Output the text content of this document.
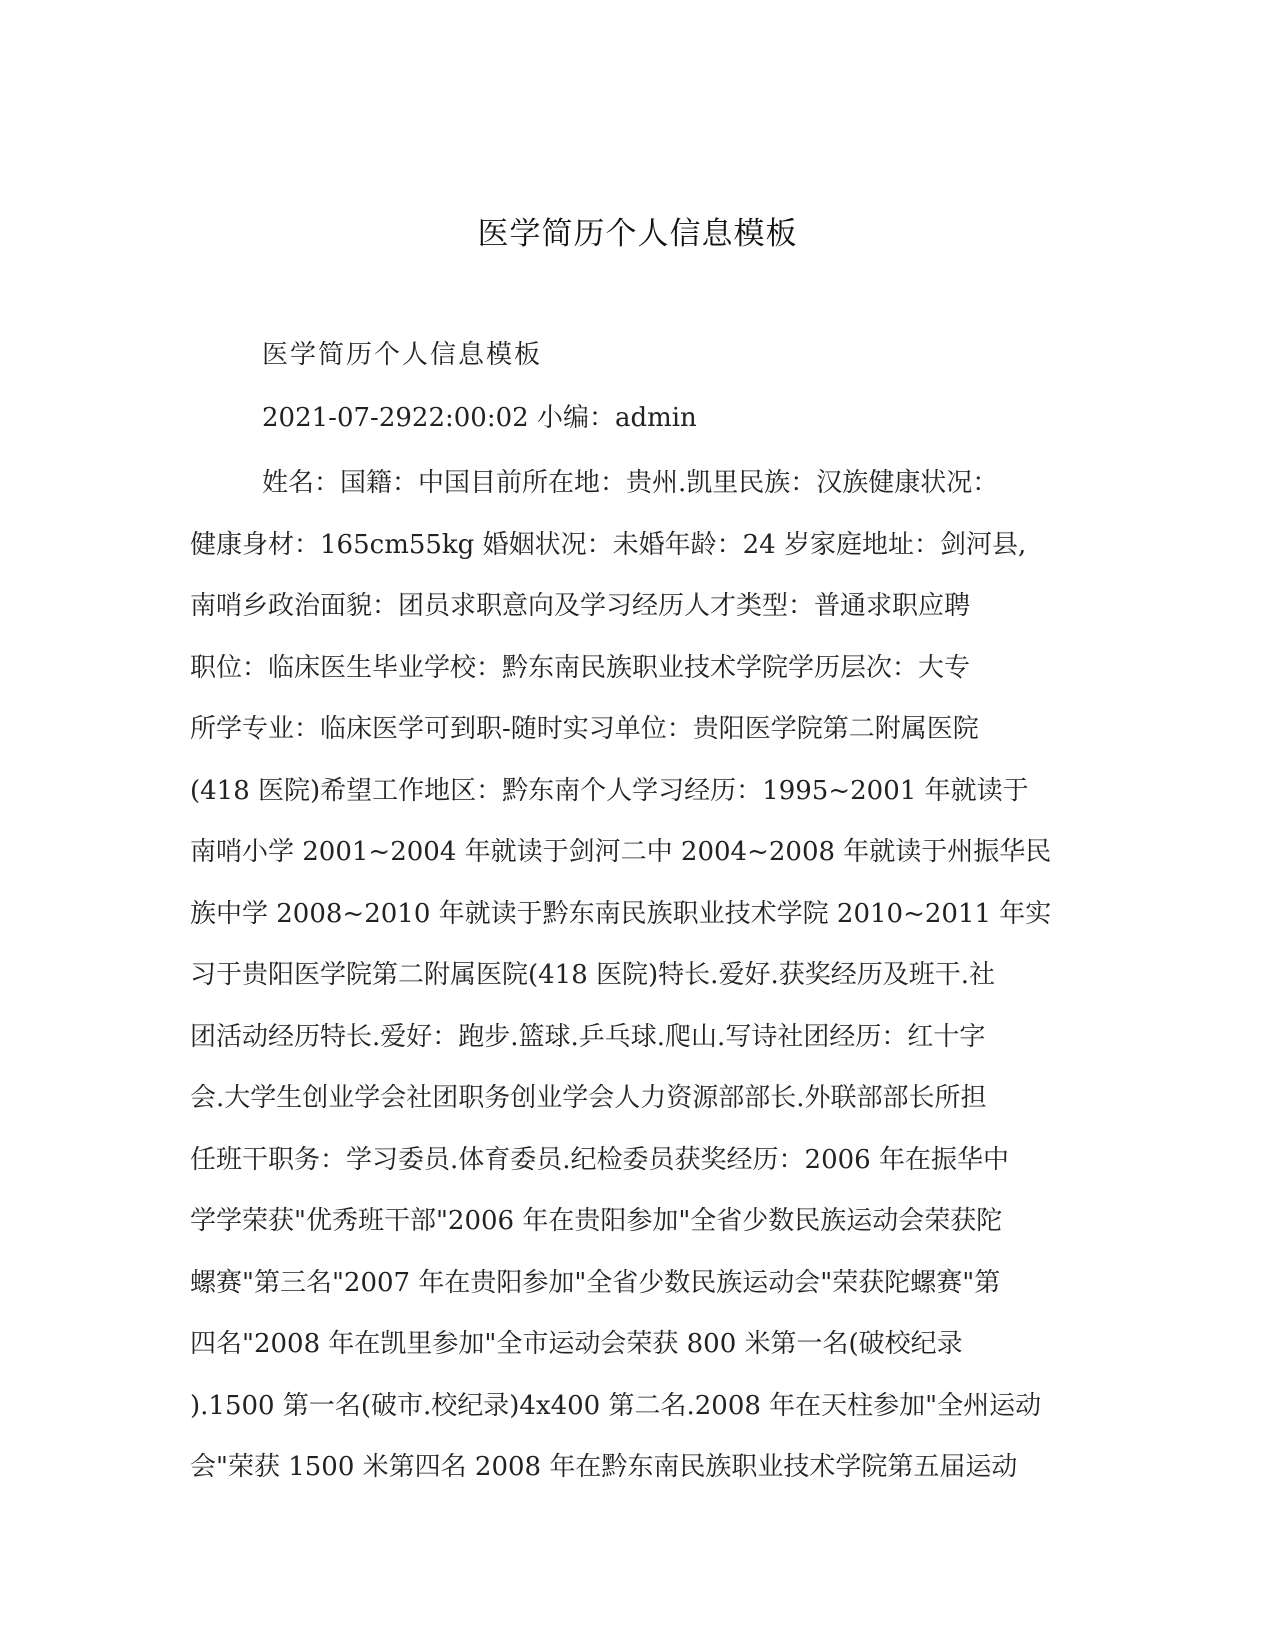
医学简历个人信息模板

医学简历个人信息模板

2021-07-2922:00:02 小编：admin

姓名：国籍：中国目前所在地：贵州.凯里民族：汉族健康状况：
健康身材：165cm55kg 婚姻状况：未婚年龄：24 岁家庭地址：剑河县,
南哨乡政治面貌：团员求职意向及学习经历人才类型：普通求职应聘
职位：临床医生毕业学校：黔东南民族职业技术学院学历层次：大专
所学专业：临床医学可到职-随时实习单位：贵阳医学院第二附属医院
(418 医院)希望工作地区：黔东南个人学习经历：1995~2001 年就读于
南哨小学 2001~2004 年就读于剑河二中 2004~2008 年就读于州振华民
族中学 2008~2010 年就读于黔东南民族职业技术学院 2010~2011 年实
习于贵阳医学院第二附属医院(418 医院)特长.爱好.获奖经历及班干.社
团活动经历特长.爱好：跑步.篮球.乒乓球.爬山.写诗社团经历：红十字
会.大学生创业学会社团职务创业学会人力资源部部长.外联部部长所担
任班干职务：学习委员.体育委员.纪检委员获奖经历：2006 年在振华中
学学荣获"优秀班干部"2006 年在贵阳参加"全省少数民族运动会荣获陀
螺赛"第三名"2007 年在贵阳参加"全省少数民族运动会"荣获陀螺赛"第
四名"2008 年在凯里参加"全市运动会荣获 800 米第一名(破校纪录
).1500 第一名(破市.校纪录)4x400 第二名.2008 年在天柱参加"全州运动
会"荣获 1500 米第四名 2008 年在黔东南民族职业技术学院第五届运动
